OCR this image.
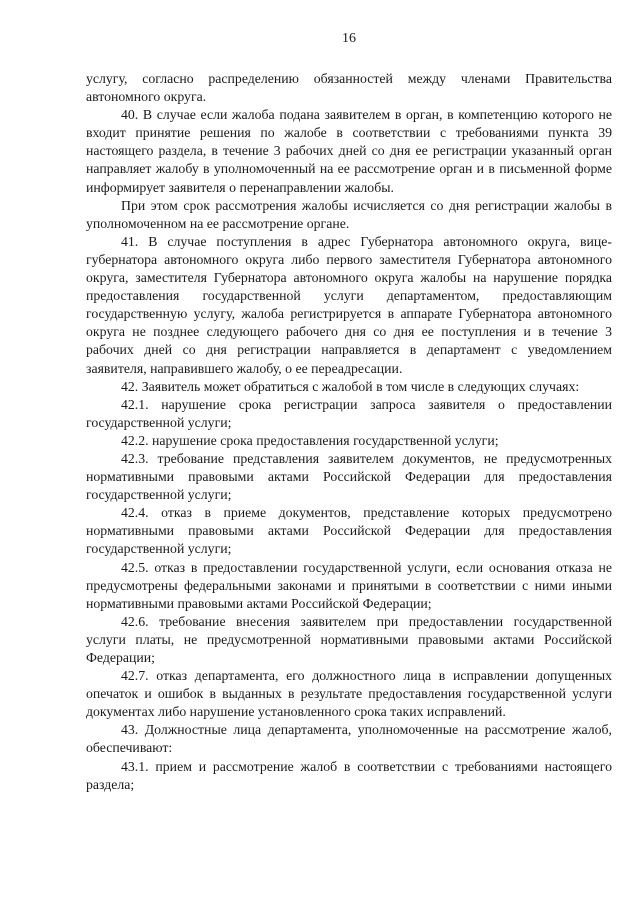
16

услугу, согласно распределению обязанностей между членами Правительства автономного округа.

40. В случае если жалоба подана заявителем в орган, в компетенцию которого не входит принятие решения по жалобе в соответствии с требованиями пункта 39 настоящего раздела, в течение 3 рабочих дней со дня ее регистрации указанный орган направляет жалобу в уполномоченный на ее рассмотрение орган и в письменной форме информирует заявителя о перенаправлении жалобы.

При этом срок рассмотрения жалобы исчисляется со дня регистрации жалобы в уполномоченном на ее рассмотрение органе.

41. В случае поступления в адрес Губернатора автономного округа, вице-губернатора автономного округа либо первого заместителя Губернатора автономного округа, заместителя Губернатора автономного округа жалобы на нарушение порядка предоставления государственной услуги департаментом, предоставляющим государственную услугу, жалоба регистрируется в аппарате Губернатора автономного округа не позднее следующего рабочего дня со дня ее поступления и в течение 3 рабочих дней со дня регистрации направляется в департамент с уведомлением заявителя, направившего жалобу, о ее переадресации.

42. Заявитель может обратиться с жалобой в том числе в следующих случаях:

42.1. нарушение срока регистрации запроса заявителя о предоставлении государственной услуги;

42.2. нарушение срока предоставления государственной услуги;

42.3. требование представления заявителем документов, не предусмотренных нормативными правовыми актами Российской Федерации для предоставления государственной услуги;

42.4. отказ в приеме документов, представление которых предусмотрено нормативными правовыми актами Российской Федерации для предоставления государственной услуги;

42.5. отказ в предоставлении государственной услуги, если основания отказа не предусмотрены федеральными законами и принятыми в соответствии с ними иными нормативными правовыми актами Российской Федерации;

42.6. требование внесения заявителем при предоставлении государственной услуги платы, не предусмотренной нормативными правовыми актами Российской Федерации;

42.7. отказ департамента, его должностного лица в исправлении допущенных опечаток и ошибок в выданных в результате предоставления государственной услуги документах либо нарушение установленного срока таких исправлений.

43. Должностные лица департамента, уполномоченные на рассмотрение жалоб, обеспечивают:

43.1. прием и рассмотрение жалоб в соответствии с требованиями настоящего раздела;
